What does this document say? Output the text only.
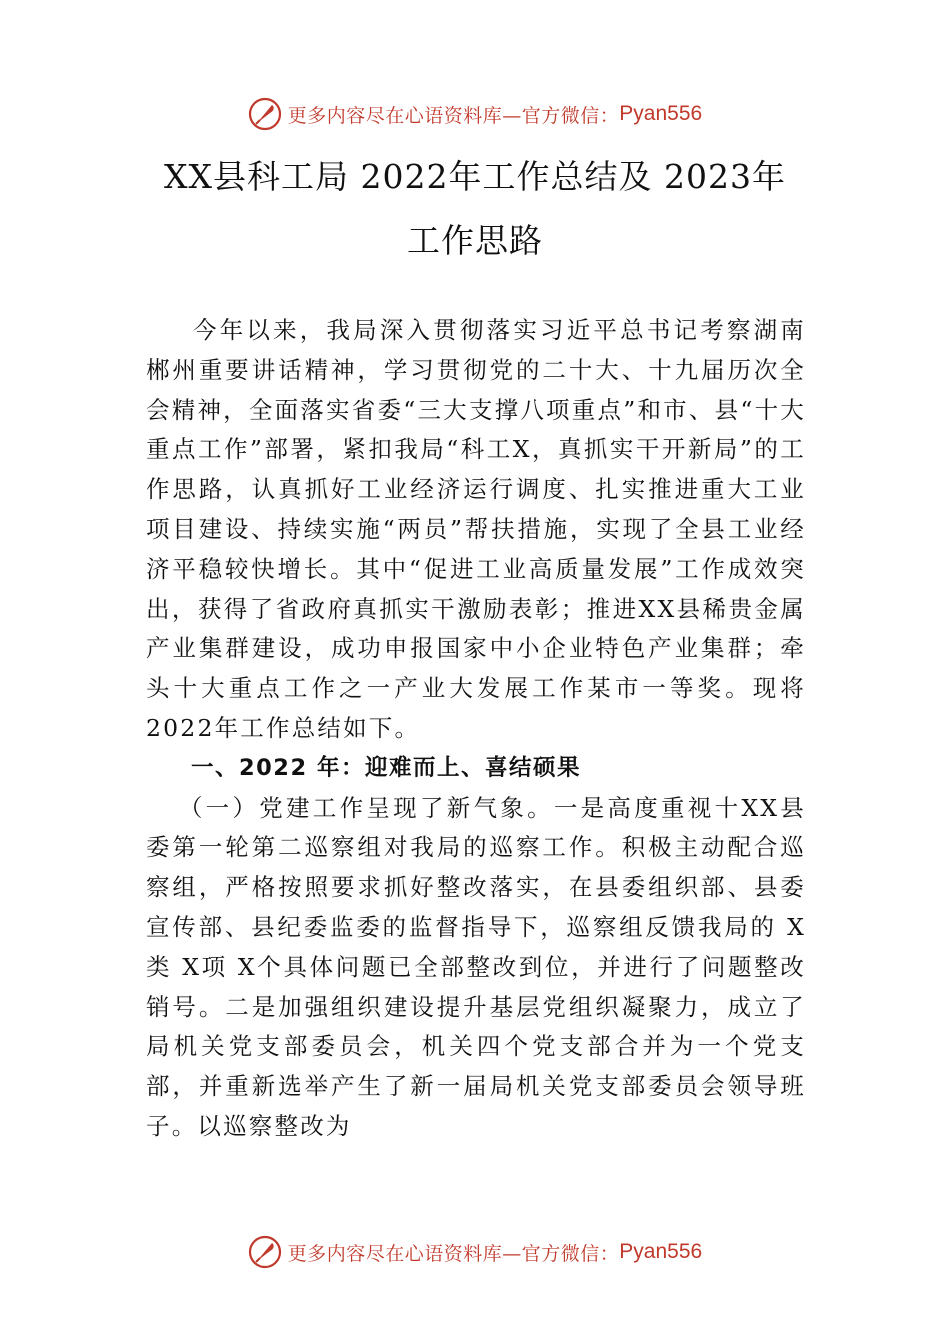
更多内容尽在心语资料库—官方微信： Pyan556
XX县科工局 2022年工作总结及 2023年
工作思路

今年以来，我局深入贯彻落实习近平总书记考察湖南郴州重要讲话精神，学习贯彻党的二十大、十九届历次全会精神，全面落实省委“三大支撑八项重点”和市、县“十大重点工作”部署，紧扣我局“科工X，真抓实干开新局”的工作思路，认真抓好工业经济运行调度、扎实推进重大工业项目建设、持续实施“两员”帮扶措施，实现了全县工业经济平稳较快增长。其中“促进工业高质量发展”工作成效突出，获得了省政府真抓实干激励表彰；推进XX县稀贵金属产业集群建设，成功申报国家中小企业特色产业集群；牵头十大重点工作之一产业大发展工作某市一等奖。现将 2022年工作总结如下。

一、2022 年：迎难而上、喜结硕果

（一）党建工作呈现了新气象。一是高度重视十XX县委第一轮第二巡察组对我局的巡察工作。积极主动配合巡察组，严格按照要求抓好整改落实，在县委组织部、县委宣传部、县纪委监委的监督指导下，巡察组反馈我局的 X类 X项 X个具体问题已全部整改到位，并进行了问题整改销号。二是加强组织建设提升基层党组织凝聚力，成立了局机关党支部委员会，机关四个党支部合并为一个党支部，并重新选举产生了新一届局机关党支部委员会领导班子。以巡察整改为

更多内容尽在心语资料库—官方微信： Pyan556
